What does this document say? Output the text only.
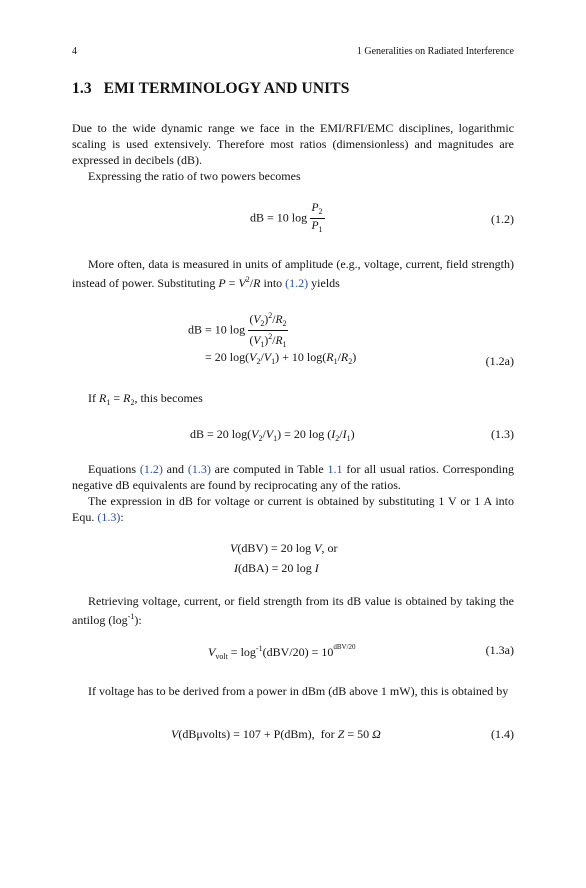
4	1 Generalities on Radiated Interference
1.3 EMI TERMINOLOGY AND UNITS
Due to the wide dynamic range we face in the EMI/RFI/EMC disciplines, logarithmic scaling is used extensively. Therefore most ratios (dimensionless) and magnitudes are expressed in decibels (dB).
Expressing the ratio of two powers becomes
dB = 10 $\log \frac{P_2}{P_1}$	(1.2)
More often, data is measured in units of amplitude (e.g., voltage, current, field strength) instead of power. Substituting $P = V^2/R$ into (1.2) yields
dB = 10 $\log \frac{(V_2)^2/R_2}{(V_1)^2/R_1}$
= 20 $\log(V_2/V_1) + 10$ $\log(R_1/R_2)$	(1.2a)
If $R_1 = R_2$, this becomes
dB = 20 $\log(V_2/V_1) = 20$ $\log (I_2/I_1)$	(1.3)
Equations (1.2) and (1.3) are computed in Table 1.1 for all usual ratios. Corresponding negative dB equivalents are found by reciprocating any of the ratios.
The expression in dB for voltage or current is obtained by substituting 1 V or 1 A into Equ. (1.3):
V(dBV) = 20 log V, or
I(dBA) = 20 log I
Retrieving voltage, current, or field strength from its dB value is obtained by taking the antilog $(\log^{-1})$:
$V_{volt} = \log^{-1}(dBV/20) = 10^{dBV/20}$	(1.3a)
If voltage has to be derived from a power in dBm (dB above 1 mW), this is obtained by
V(dBμvolts) = 107 + P(dBm),  for Z = 50 Ω	(1.4)
